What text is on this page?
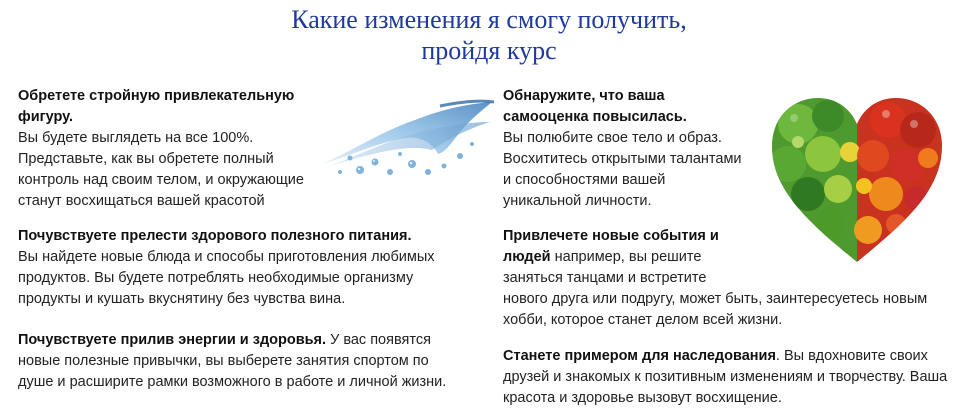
Какие изменения я смогу получить,
пройдя курс
Обретете стройную привлекательную
фигуру.
Вы будете выглядеть на все 100%.
Представьте, как вы обретете полный
контроль над своим телом, и окружающие
станут восхищаться вашей красотой
Почувствуете прелести здорового полезного питания.
Вы найдете новые блюда и способы приготовления любимых
продуктов. Вы будете потреблять необходимые организму
продукты и кушать вкуснятину без чувства вина.
Почувствуете прилив энергии и здоровья. У вас появятся
новые полезные привычки, вы выберете занятия спортом по
душе и расширите рамки возможного в работе и личной жизни.
Обнаружите, что ваша
самооценка повысилась.
Вы полюбите свое тело и образ.
Восхититесь открытыми талантами
и способностями вашей
уникальной личности.
Привлечете новые события и
людей например, вы решите
заняться танцами и встретите
нового друга или подругу, может быть, заинтересуетесь новым
хобби, которое станет делом всей жизни.
Станете примером для наследования. Вы вдохновите своих
друзей и знакомых к позитивным изменениям и творчеству. Ваша
красота и здоровье вызовут восхищение.
